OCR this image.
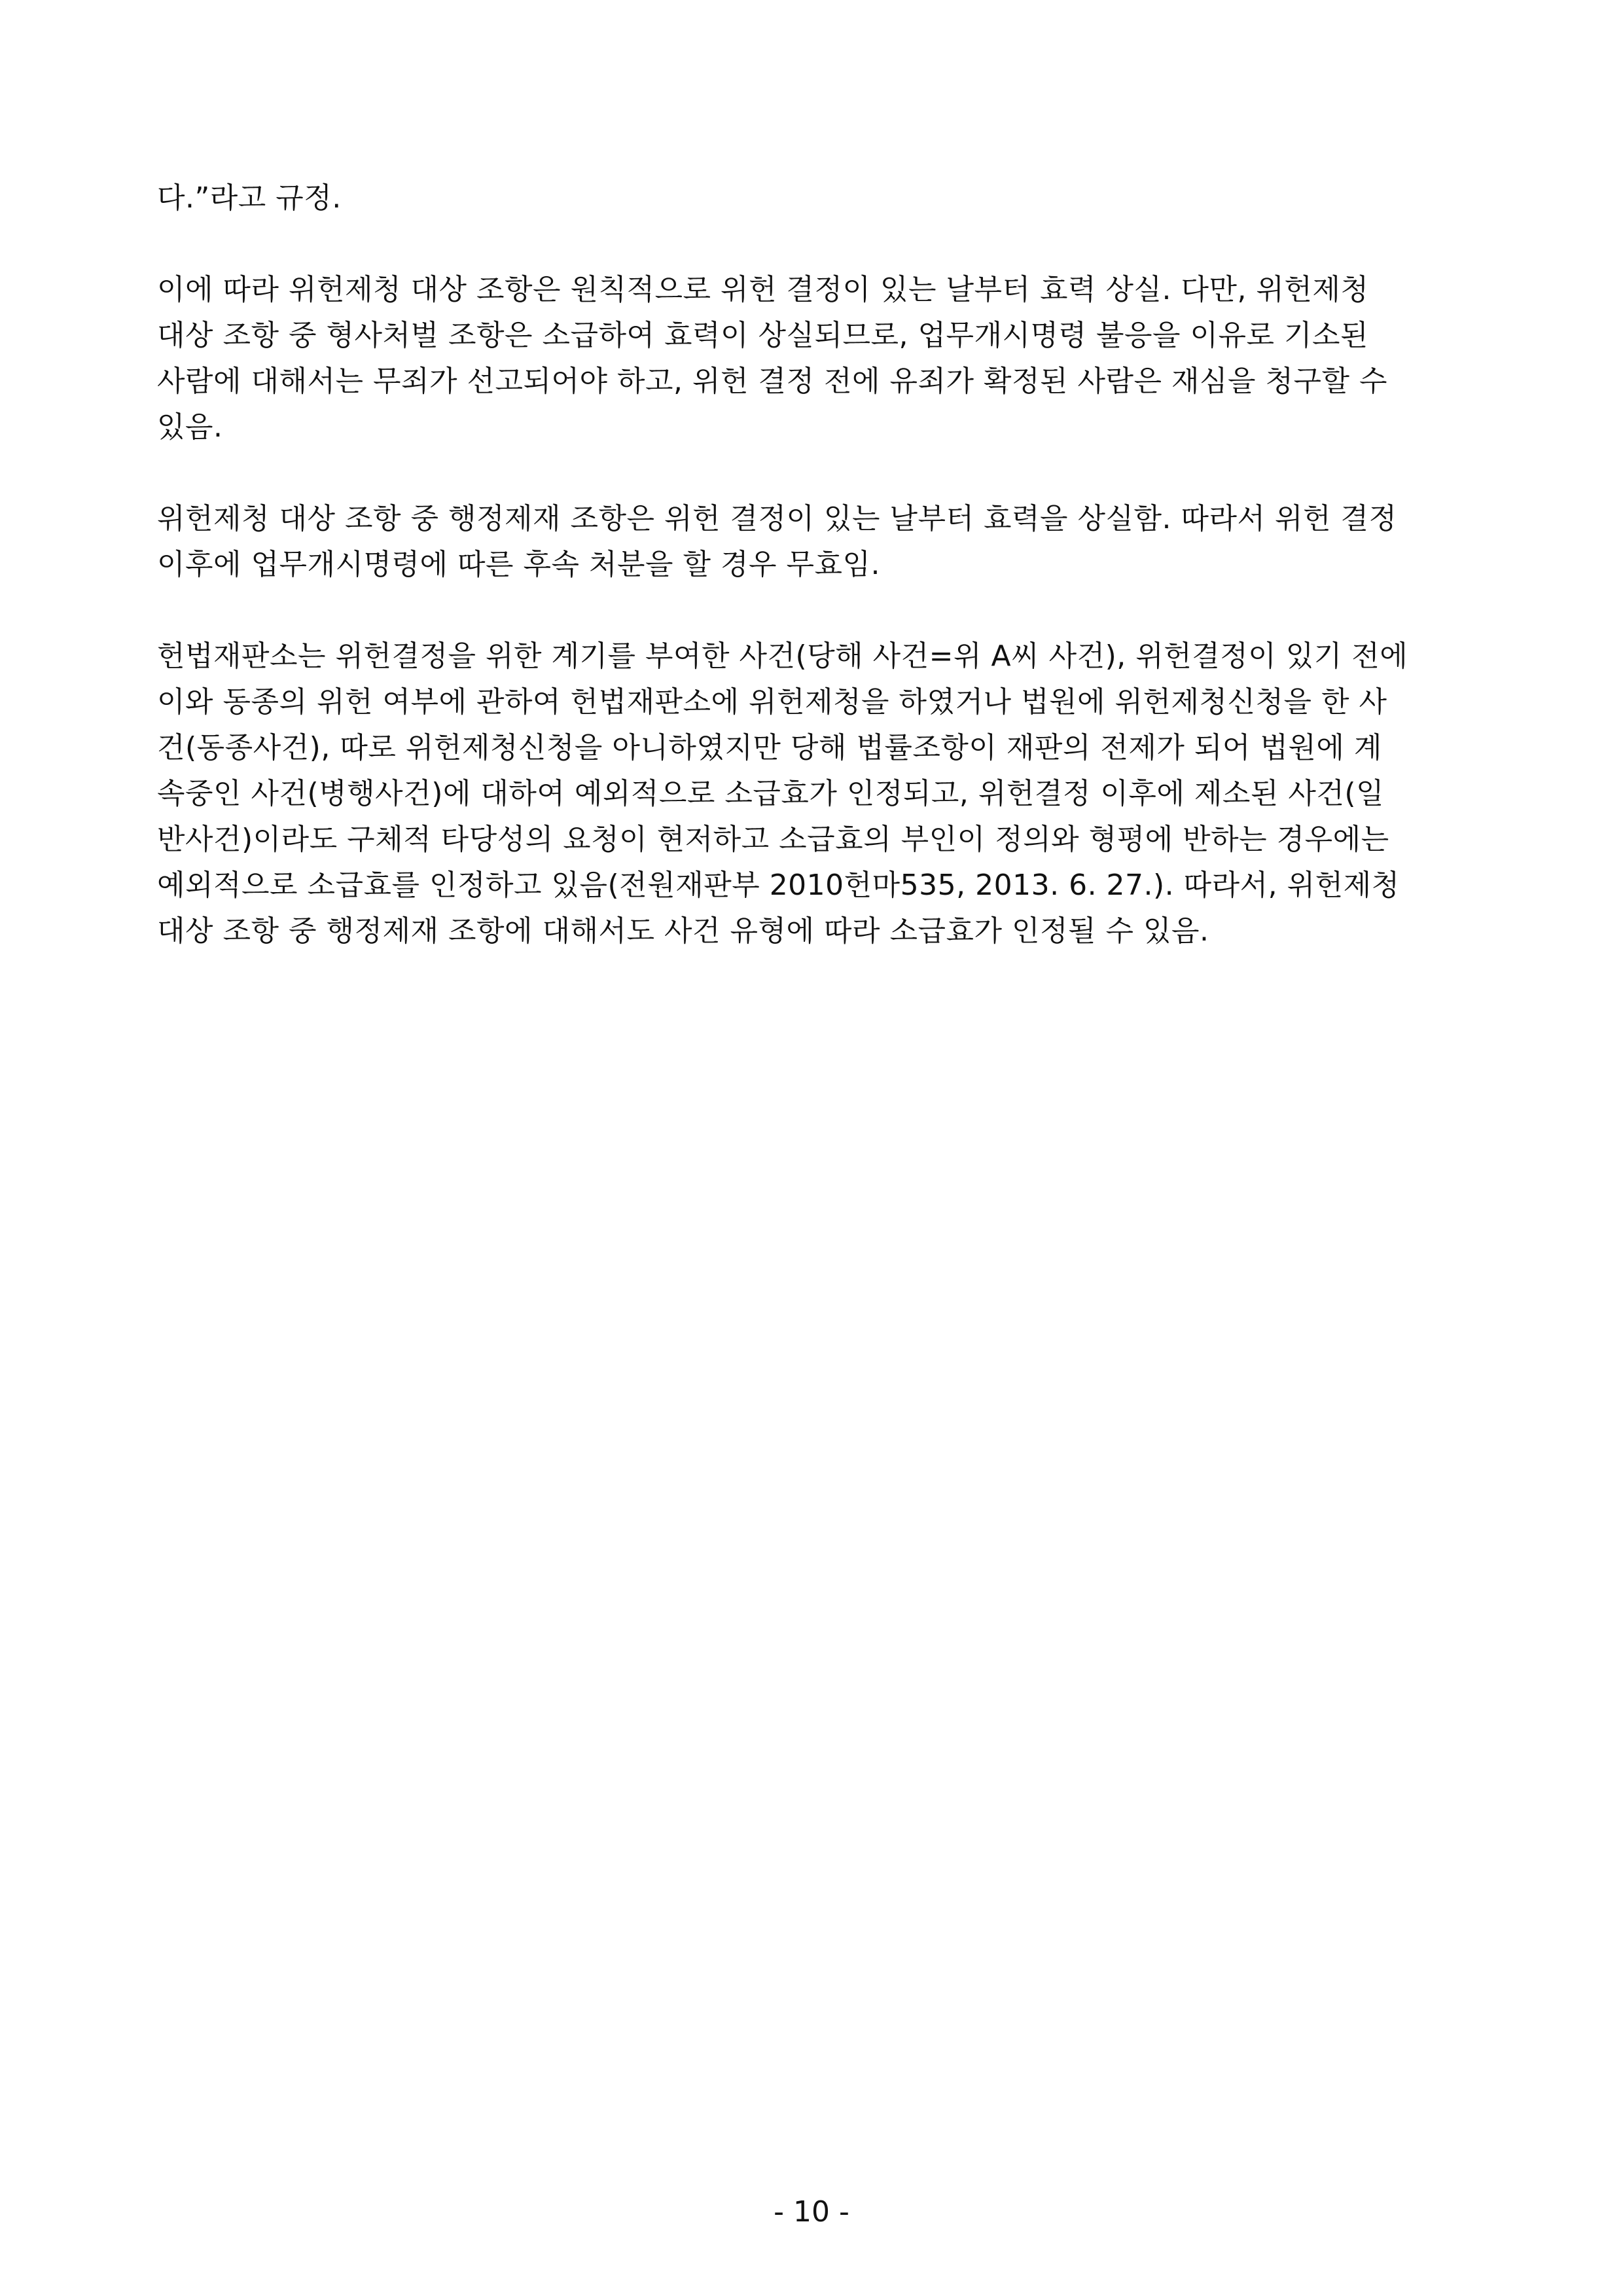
다.”라고 규정.

이에 따라 위헌제청 대상 조항은 원칙적으로 위헌 결정이 있는 날부터 효력 상실. 다만, 위헌제청
대상 조항 중 형사처벌 조항은 소급하여 효력이 상실되므로, 업무개시명령 불응을 이유로 기소된
사람에 대해서는 무죄가 선고되어야 하고, 위헌 결정 전에 유죄가 확정된 사람은 재심을 청구할 수
있음.

위헌제청 대상 조항 중 행정제재 조항은 위헌 결정이 있는 날부터 효력을 상실함. 따라서 위헌 결정
이후에 업무개시명령에 따른 후속 처분을 할 경우 무효임.

헌법재판소는 위헌결정을 위한 계기를 부여한 사건(당해 사건=위 A씨 사건), 위헌결정이 있기 전에
이와 동종의 위헌 여부에 관하여 헌법재판소에 위헌제청을 하였거나 법원에 위헌제청신청을 한 사
건(동종사건), 따로 위헌제청신청을 아니하였지만 당해 법률조항이 재판의 전제가 되어 법원에 계
속중인 사건(병행사건)에 대하여 예외적으로 소급효가 인정되고, 위헌결정 이후에 제소된 사건(일
반사건)이라도 구체적 타당성의 요청이 현저하고 소급효의 부인이 정의와 형평에 반하는 경우에는
예외적으로 소급효를 인정하고 있음(전원재판부 2010헌마535, 2013. 6. 27.). 따라서, 위헌제청
대상 조항 중 행정제재 조항에 대해서도 사건 유형에 따라 소급효가 인정될 수 있음.

- 10 -
